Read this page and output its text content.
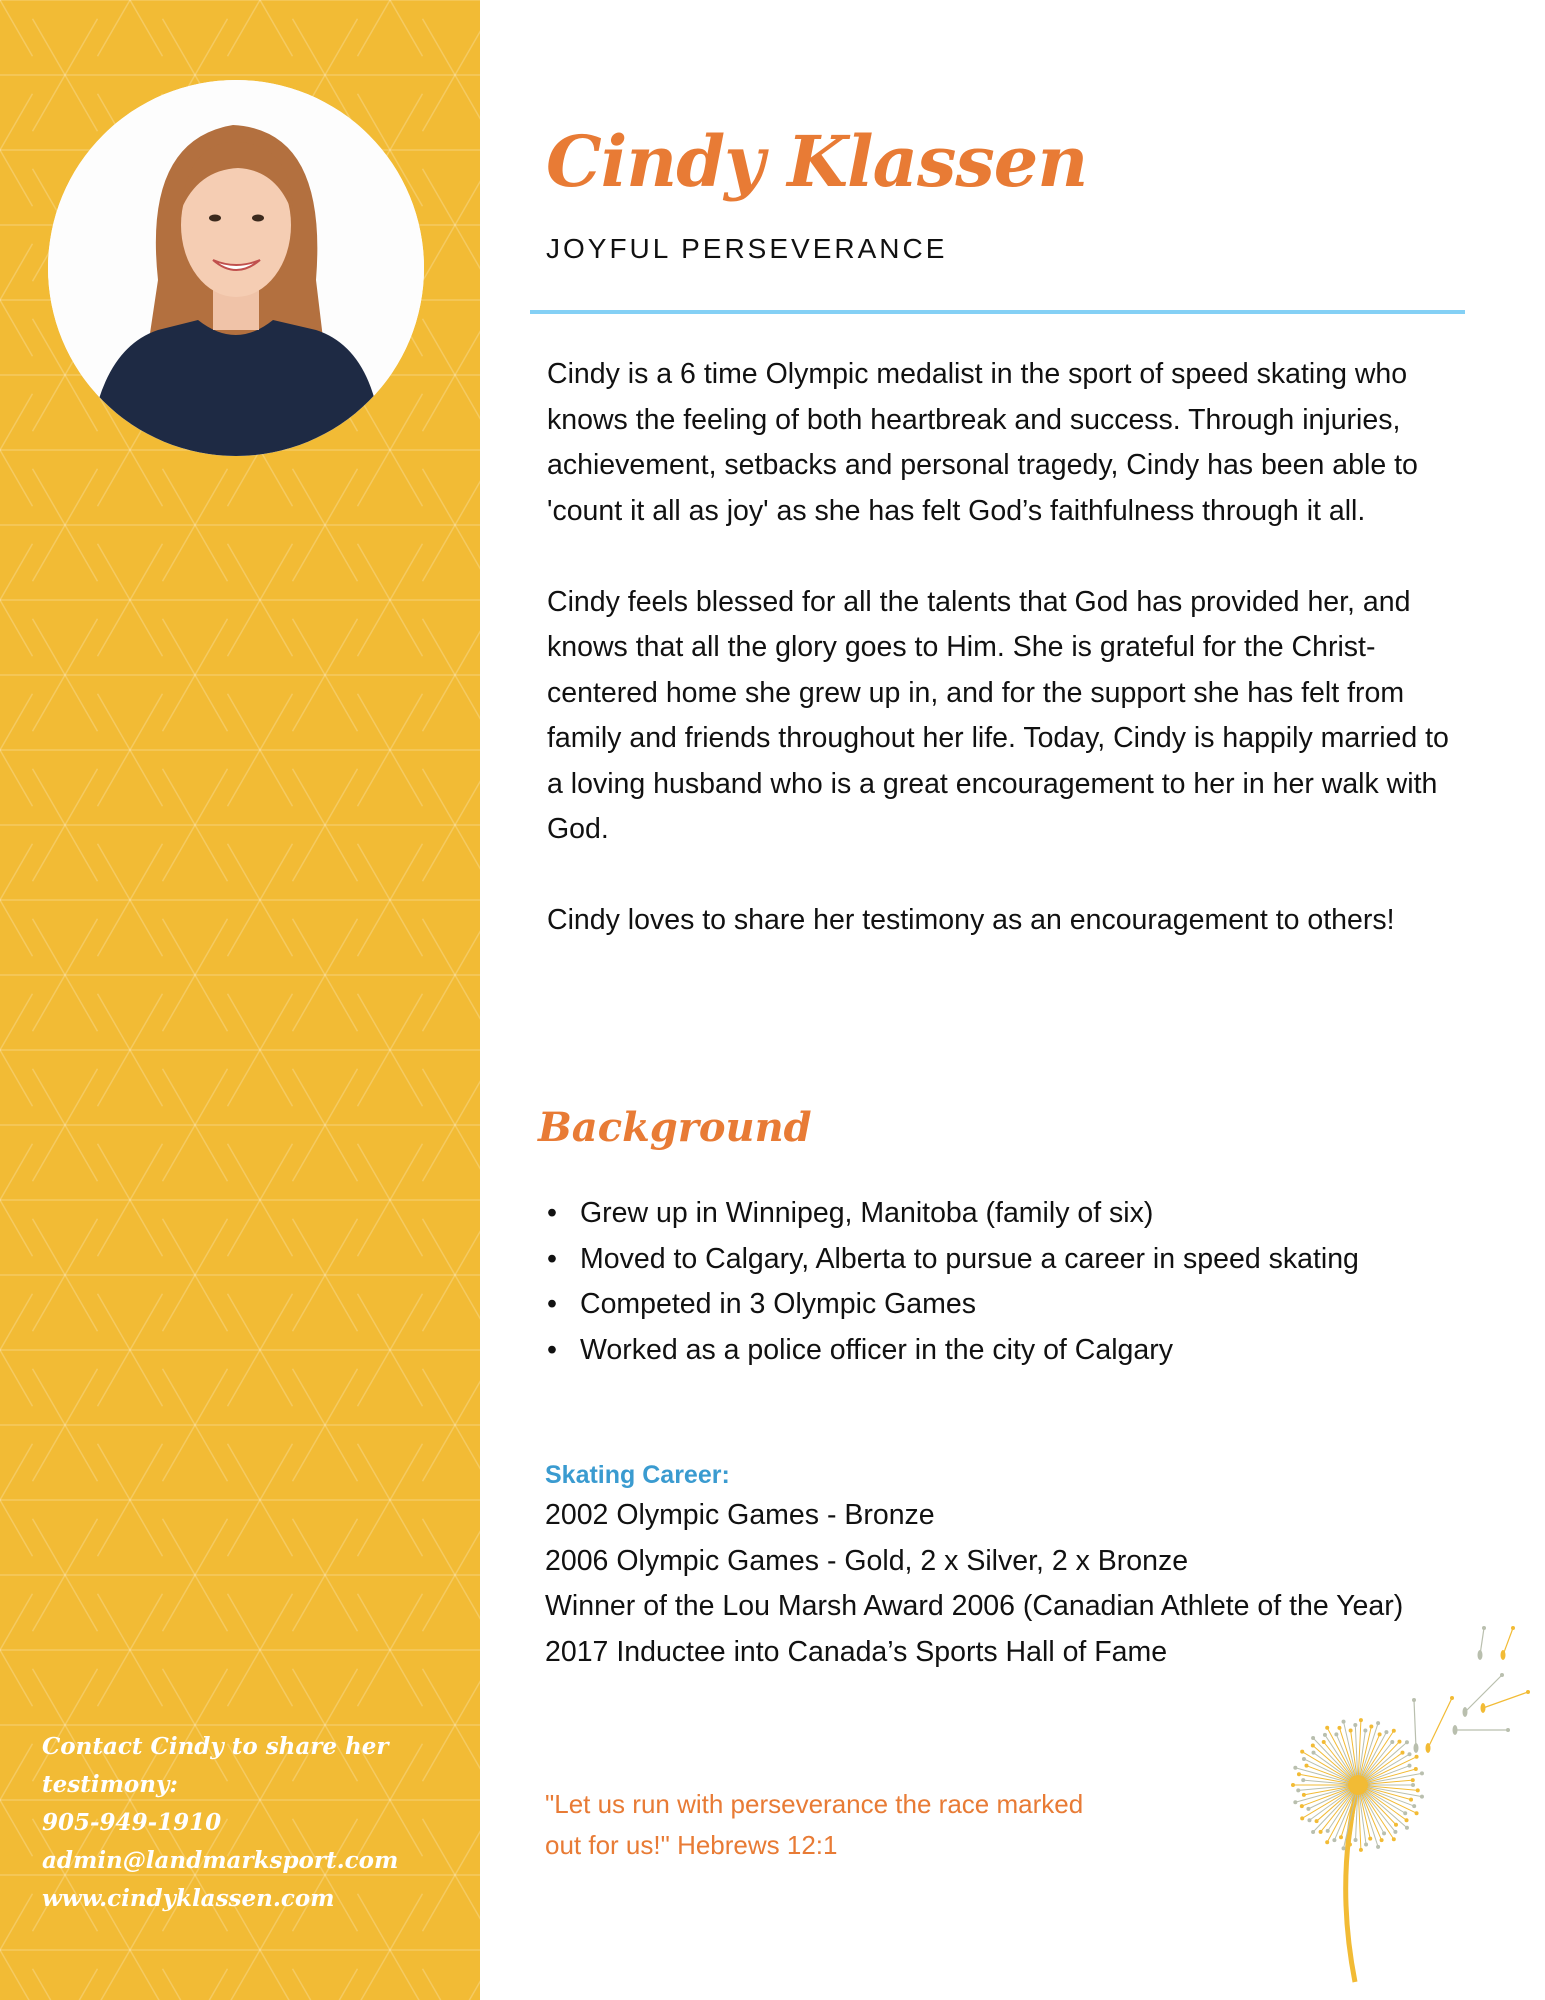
Contact Cindy to share her
testimony:
905-949-1910
admin@landmarksport.com
www.cindyklassen.com
Cindy Klassen
JOYFUL PERSEVERANCE

Cindy is a 6 time Olympic medalist in the sport of speed skating who knows the feeling of both heartbreak and success. Through injuries, achievement, setbacks and personal tragedy, Cindy has been able to 'count it all as joy' as she has felt God’s faithfulness through it all.

Cindy feels blessed for all the talents that God has provided her, and knows that all the glory goes to Him. She is grateful for the Christ-centered home she grew up in, and for the support she has felt from family and friends throughout her life. Today, Cindy is happily married to a loving husband who is a great encouragement to her in her walk with God.

Cindy loves to share her testimony as an encouragement to others!

Background
• Grew up in Winnipeg, Manitoba (family of six)
• Moved to Calgary, Alberta to pursue a career in speed skating
• Competed in 3 Olympic Games
• Worked as a police officer in the city of Calgary
Skating Career:
2002 Olympic Games - Bronze
2006 Olympic Games - Gold, 2 x Silver, 2 x Bronze
Winner of the Lou Marsh Award 2006 (Canadian Athlete of the Year)
2017 Inductee into Canada’s Sports Hall of Fame
"Let us run with perseverance the race marked out for us!" Hebrews 12:1
